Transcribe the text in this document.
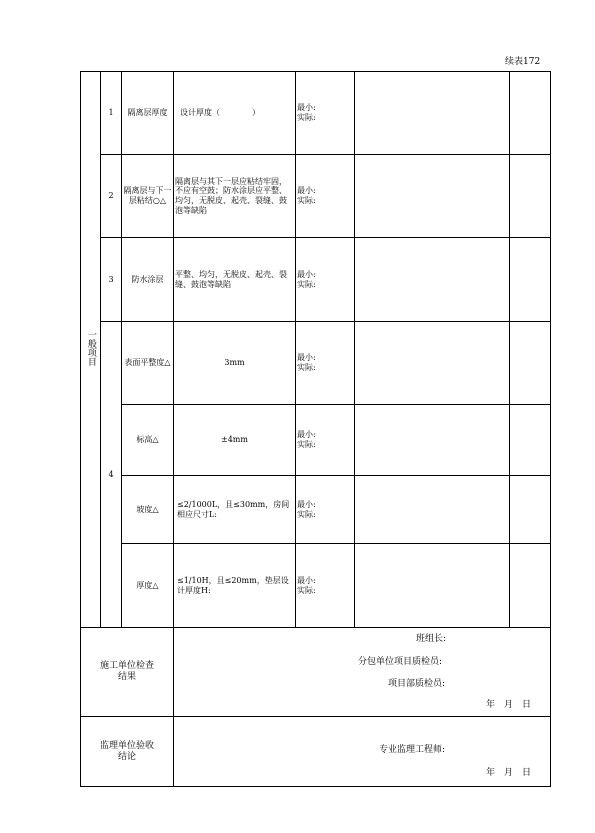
续表172
一般项目	1	隔离层厚度	设计厚度（　　　　）	最小:
实际:		

	2	隔离层与下一层粘结○△	隔离层与其下一层应粘结牢固，不应有空鼓；防水涂层应平整、均匀，无脱皮、起壳、裂缝、鼓泡等缺陷	最小:
实际:		

	3	防水涂层	平整、均匀，无脱皮、起壳、裂缝、鼓泡等缺陷	最小:
实际:		

	4	表面平整度△	3mm	最小:
实际:		

		标高△	±4mm	最小:
实际:		

		坡度△	≤2/1000L，且≤30mm，房间相应尺寸L:	最小:
实际:		

		厚度△	≤1/10H，且≤20mm，垫层设计厚度H:	最小:
实际:		

施工单位检查结果			班组长:
分包单位项目质检员:
项目部质检员:
年　月　日			

监理单位验收结论			专业监理工程师:
年　月　日			
